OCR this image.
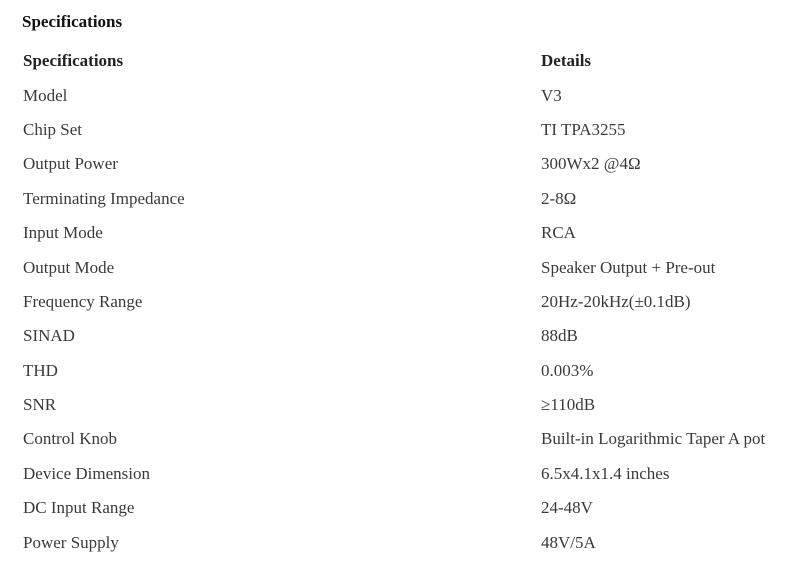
Specifications
Specifications	Details
Model	V3
Chip Set	TI TPA3255
Output Power	300Wx2 @4Ω
Terminating Impedance	2-8Ω
Input Mode	RCA
Output Mode	Speaker Output + Pre-out
Frequency Range	20Hz-20kHz(±0.1dB)
SINAD	88dB
THD	0.003%
SNR	≥110dB
Control Knob	Built-in Logarithmic Taper A pot
Device Dimension	6.5x4.1x1.4 inches
DC Input Range	24-48V
Power Supply	48V/5A
